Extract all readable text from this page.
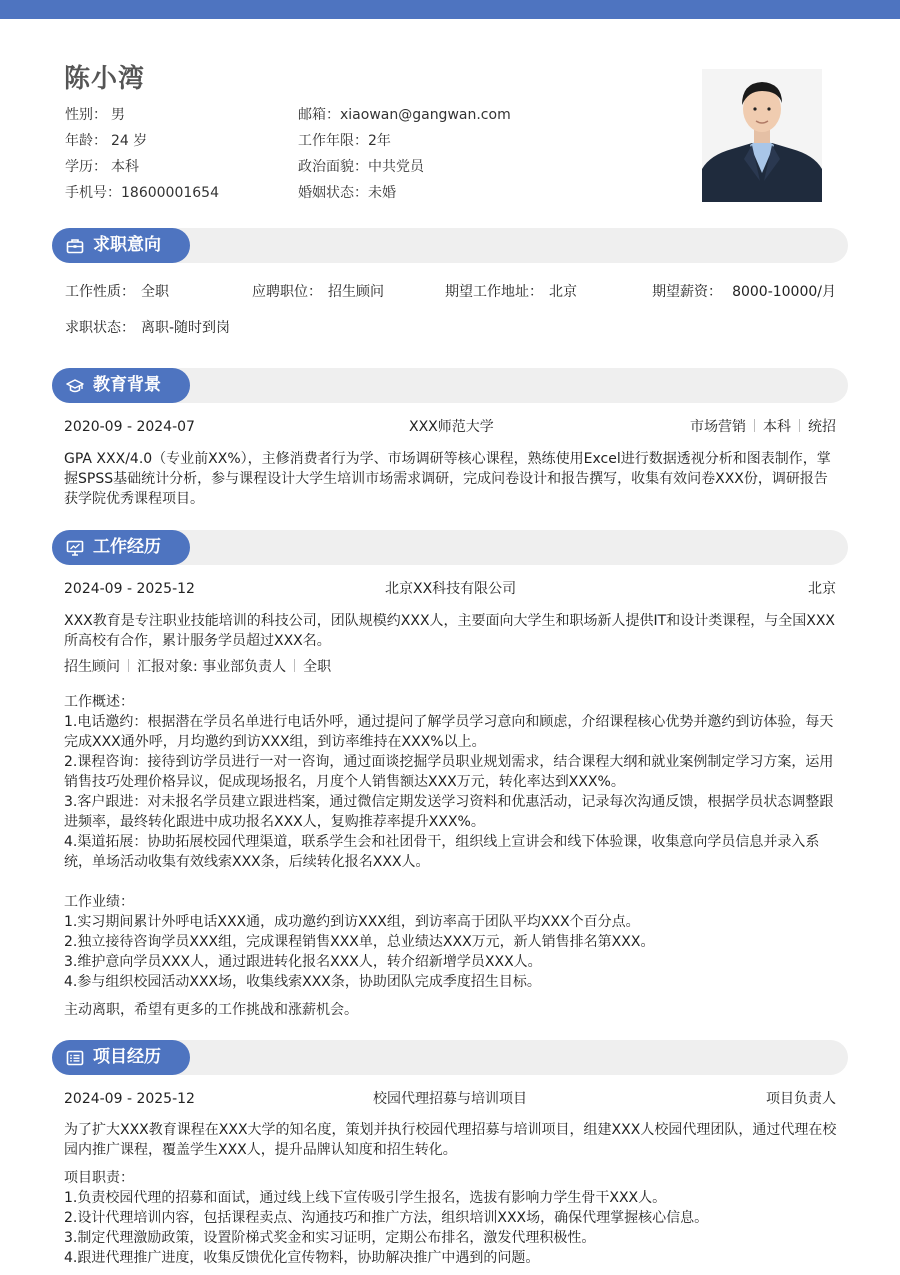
陈小湾
性别： 男
年龄： 24 岁
学历： 本科
手机号：18600001654
邮箱：xiaowan@gangwan.com
工作年限：2年
政治面貌：中共党员
婚姻状态：未婚
求职意向
工作性质： 全职	应聘职位： 招生顾问	期望工作地址： 北京	期望薪资： 8000-10000/月
求职状态： 离职-随时到岗
教育背景
2020-09 - 2024-07	XXX师范大学	市场营销 本科 统招
GPA XXX/4.0（专业前XX%），主修消费者行为学、市场调研等核心课程，熟练使用Excel进行数据透视分析和图表制作，掌握SPSS基础统计分析，参与课程设计大学生培训市场需求调研，完成问卷设计和报告撰写，收集有效问卷XXX份，调研报告获学院优秀课程项目。
工作经历
2024-09 - 2025-12	北京XX科技有限公司	北京
XXX教育是专注职业技能培训的科技公司，团队规模约XXX人，主要面向大学生和职场新人提供IT和设计类课程，与全国XXX所高校有合作，累计服务学员超过XXX名。
招生顾问 汇报对象: 事业部负责人 全职
工作概述：
1.电话邀约：根据潜在学员名单进行电话外呼，通过提问了解学员学习意向和顾虑，介绍课程核心优势并邀约到访体验，每天完成XXX通外呼，月均邀约到访XXX组，到访率维持在XXX%以上。
2.课程咨询：接待到访学员进行一对一咨询，通过面谈挖掘学员职业规划需求，结合课程大纲和就业案例制定学习方案，运用销售技巧处理价格异议，促成现场报名，月度个人销售额达XXX万元，转化率达到XXX%。
3.客户跟进：对未报名学员建立跟进档案，通过微信定期发送学习资料和优惠活动，记录每次沟通反馈，根据学员状态调整跟进频率，最终转化跟进中成功报名XXX人，复购推荐率提升XXX%。
4.渠道拓展：协助拓展校园代理渠道，联系学生会和社团骨干，组织线上宣讲会和线下体验课，收集意向学员信息并录入系统，单场活动收集有效线索XXX条，后续转化报名XXX人。
工作业绩：
1.实习期间累计外呼电话XXX通，成功邀约到访XXX组，到访率高于团队平均XXX个百分点。
2.独立接待咨询学员XXX组，完成课程销售XXX单，总业绩达XXX万元，新人销售排名第XXX。
3.维护意向学员XXX人，通过跟进转化报名XXX人，转介绍新增学员XXX人。
4.参与组织校园活动XXX场，收集线索XXX条，协助团队完成季度招生目标。
主动离职，希望有更多的工作挑战和涨薪机会。
项目经历
2024-09 - 2025-12	校园代理招募与培训项目	项目负责人
为了扩大XXX教育课程在XXX大学的知名度，策划并执行校园代理招募与培训项目，组建XXX人校园代理团队，通过代理在校园内推广课程，覆盖学生XXX人，提升品牌认知度和招生转化。
项目职责：
1.负责校园代理的招募和面试，通过线上线下宣传吸引学生报名，选拔有影响力学生骨干XXX人。
2.设计代理培训内容，包括课程卖点、沟通技巧和推广方法，组织培训XXX场，确保代理掌握核心信息。
3.制定代理激励政策，设置阶梯式奖金和实习证明，定期公布排名，激发代理积极性。
4.跟进代理推广进度，收集反馈优化宣传物料，协助解决推广中遇到的问题。
